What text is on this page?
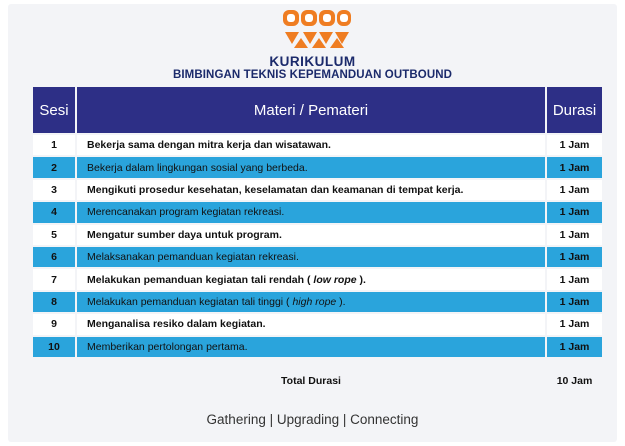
KURIKULUM
BIMBINGAN TEKNIS KEPEMANDUAN OUTBOUND
Sesi	Materi / Pemateri	Durasi
1	Bekerja sama dengan mitra kerja dan wisatawan.	1 Jam
2	Bekerja dalam lingkungan sosial yang berbeda.	1 Jam
3	Mengikuti prosedur kesehatan, keselamatan dan keamanan di tempat kerja.	1 Jam
4	Merencanakan program kegiatan rekreasi.	1 Jam
5	Mengatur sumber daya untuk program.	1 Jam
6	Melaksanakan pemanduan kegiatan rekreasi.	1 Jam
7	Melakukan pemanduan kegiatan tali rendah ( low rope ).	1 Jam
8	Melakukan pemanduan kegiatan tali tinggi ( high rope ).	1 Jam
9	Menganalisa resiko dalam kegiatan.	1 Jam
10	Memberikan pertolongan pertama.	1 Jam
	Total Durasi	10 Jam
Gathering | Upgrading | Connecting
